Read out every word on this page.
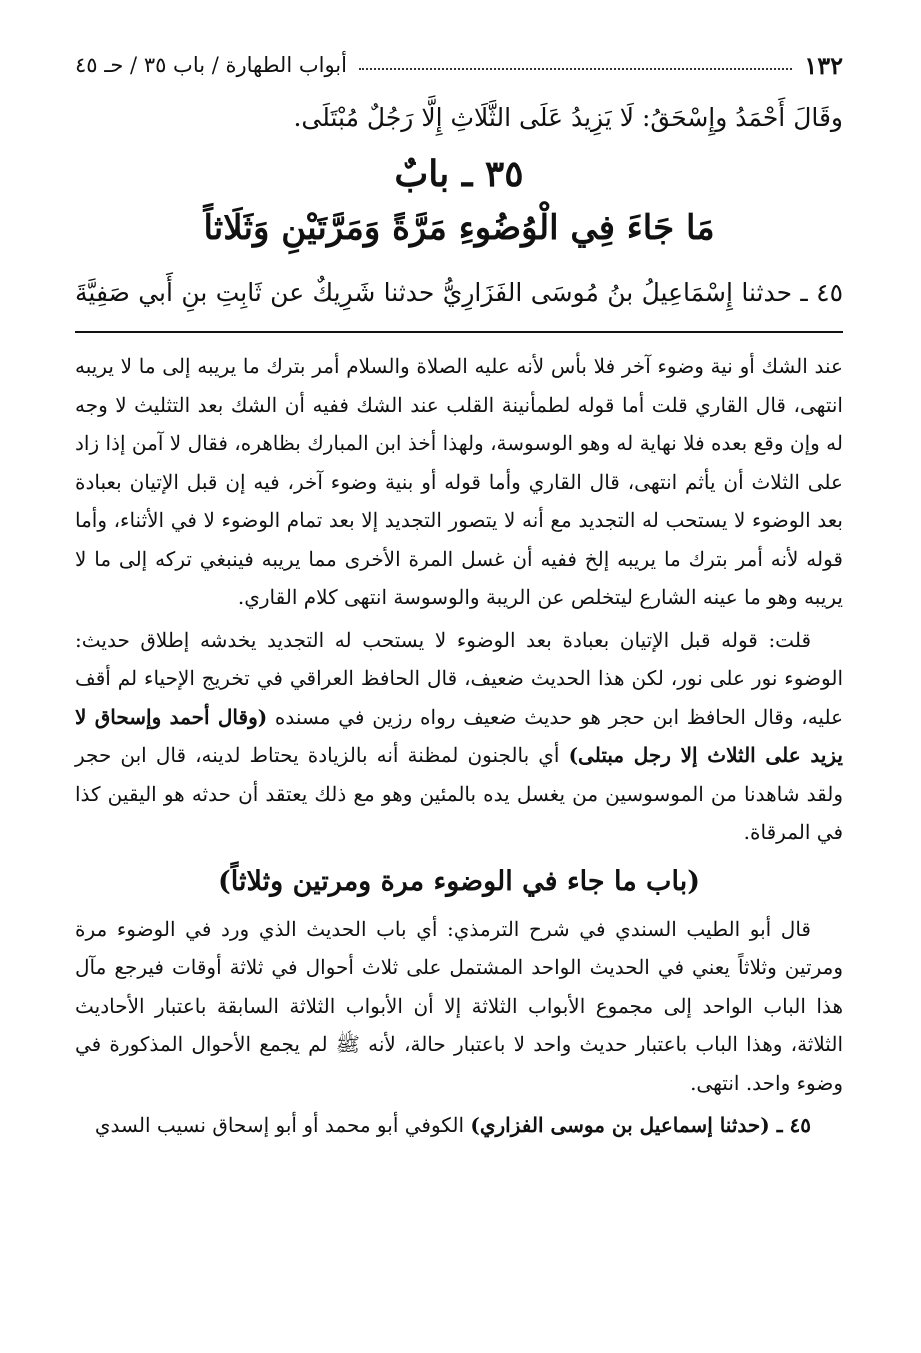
١٣٢
أبواب الطهارة / باب ٣٥ / حـ ٤٥
وقَالَ أَحْمَدُ وإِسْحَقُ: لَا يَزِيدُ عَلَى الثَّلَاثِ إِلَّا رَجُلٌ مُبْتَلَى.
٣٥ ـ بابٌ
مَا جَاءَ فِي الْوُضُوءِ مَرَّةً وَمَرَّتَيْنِ وَثَلَاثاً
٤٥ ـ حدثنا إِسْمَاعِيلُ بنُ مُوسَى الفَزَارِيُّ حدثنا شَرِيكٌ عن ثَابِتِ بنِ أَبي صَفِيَّةَ

عند الشك أو نية وضوء آخر فلا بأس لأنه عليه الصلاة والسلام أمر بترك ما يريبه إلى ما لا يريبه انتهى، قال القاري قلت أما قوله لطمأنينة القلب عند الشك ففيه أن الشك بعد التثليث لا وجه له وإن وقع بعده فلا نهاية له وهو الوسوسة، ولهذا أخذ ابن المبارك بظاهره، فقال لا آمن إذا زاد على الثلاث أن يأثم انتهى، قال القاري وأما قوله أو بنية وضوء آخر، فيه إن قبل الإتيان بعبادة بعد الوضوء لا يستحب له التجديد مع أنه لا يتصور التجديد إلا بعد تمام الوضوء لا في الأثناء، وأما قوله لأنه أمر بترك ما يريبه إلخ ففيه أن غسل المرة الأخرى مما يريبه فينبغي تركه إلى ما لا يريبه وهو ما عينه الشارع ليتخلص عن الريبة والوسوسة انتهى كلام القاري.

قلت: قوله قبل الإتيان بعبادة بعد الوضوء لا يستحب له التجديد يخدشه إطلاق حديث: الوضوء نور على نور، لكن هذا الحديث ضعيف، قال الحافظ العراقي في تخريج الإحياء لم أقف عليه، وقال الحافظ ابن حجر هو حديث ضعيف رواه رزين في مسنده (وقال أحمد وإسحاق لا يزيد على الثلاث إلا رجل مبتلى) أي بالجنون لمظنة أنه بالزيادة يحتاط لدينه، قال ابن حجر ولقد شاهدنا من الموسوسين من يغسل يده بالمئين وهو مع ذلك يعتقد أن حدثه هو اليقين كذا في المرقاة.

(باب ما جاء في الوضوء مرة ومرتين وثلاثاً)

قال أبو الطيب السندي في شرح الترمذي: أي باب الحديث الذي ورد في الوضوء مرة ومرتين وثلاثاً يعني في الحديث الواحد المشتمل على ثلاث أحوال في ثلاثة أوقات فيرجع مآل هذا الباب الواحد إلى مجموع الأبواب الثلاثة إلا أن الأبواب الثلاثة السابقة باعتبار الأحاديث الثلاثة، وهذا الباب باعتبار حديث واحد لا باعتبار حالة، لأنه ﷺ لم يجمع الأحوال المذكورة في وضوء واحد. انتهى.

٤٥ ـ (حدثنا إسماعيل بن موسى الفزاري) الكوفي أبو محمد أو أبو إسحاق نسيب السدي
